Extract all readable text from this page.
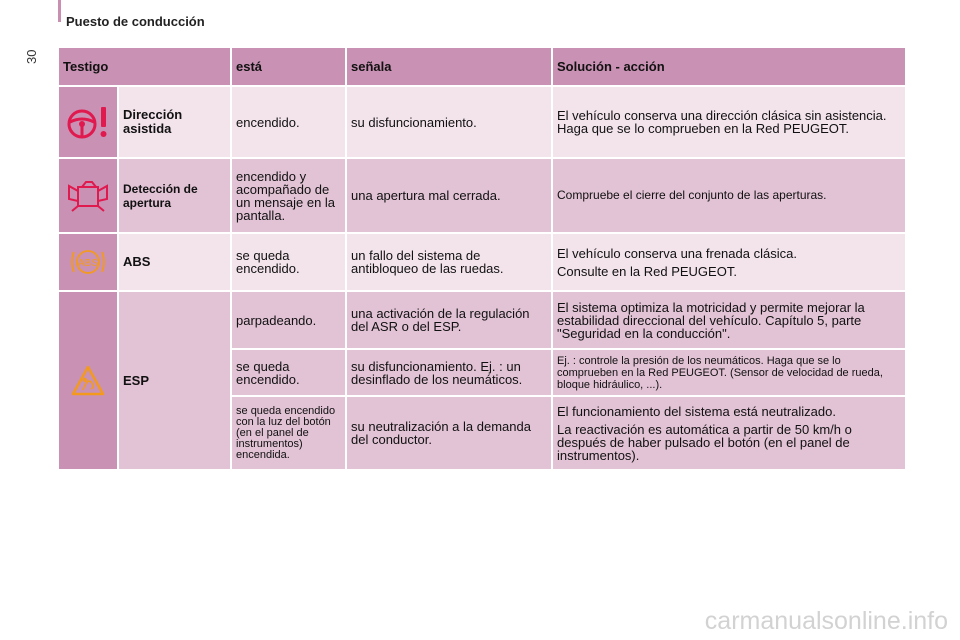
30
Puesto de conducción
Testigo		está	señala	Solución - acción

	Dirección asistida	encendido.	su disfuncionamiento.	El vehículo conserva una dirección clásica sin asistencia. Haga que se lo comprueben en la Red PEUGEOT.

	Detección de apertura	encendido y acompañado de un mensaje en la pantalla.	una apertura mal cerrada.	Compruebe el cierre del conjunto de las aperturas.

ABS	ABS	se queda encendido.	un fallo del sistema de antibloqueo de las ruedas.	El vehículo conserva una frenada clásica.
Consulte en la Red PEUGEOT.

	ESP	parpadeando.	una activación de la regulación del ASR o del ESP.	El sistema optimiza la motricidad y permite mejorar la estabilidad direccional del vehículo. Capítulo 5, parte "Seguridad en la conducción".
		se queda encendido.	su disfuncionamiento. Ej. : un desinflado de los neumáticos.	Ej. : controle la presión de los neumáticos. Haga que se lo comprueben en la Red PEUGEOT. (Sensor de velocidad de rueda, bloque hidráulico, ...).
		se queda encendido con la luz del botón (en el panel de instrumentos) encendida.	su neutralización a la demanda del conductor.	El funcionamiento del sistema está neutralizado.
La reactivación es automática a partir de 50 km/h o después de haber pulsado el botón (en el panel de instrumentos).
carmanualsonline.info
